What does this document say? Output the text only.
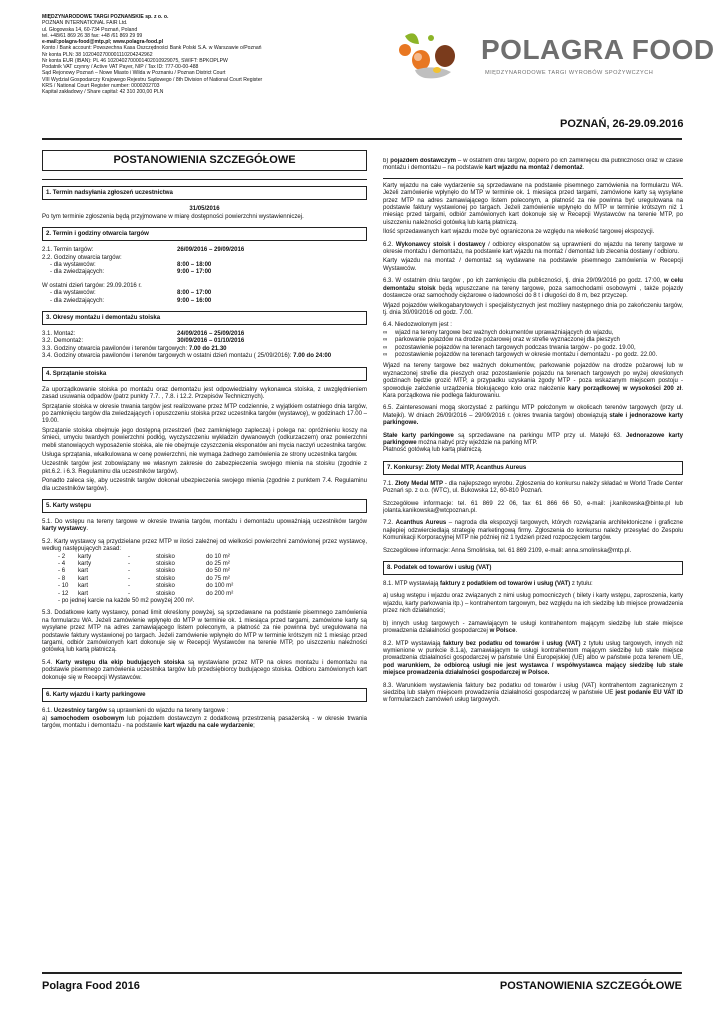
MIĘDZYNARODOWE TARGI POZNAŃSKIE sp. z o. o.
POZNAN INTERNATIONAL FAIR Ltd.
ul. Głogowska 14, 60-734 Poznań, Poland
tel. +48/61 869 26 38 fax: +48 /61 869 29 99
e-mail:polagra-food@mtp.pl; www.polagra-food.pl
Konto / Bank account: Powszechna Kasa Oszczędności Bank Polski S.A. w Warszawie o/Poznań
Nr konta PLN: 38 1020402700001110204242962
Nr konta EUR (IBAN): PL 46 1020402700001402010929075, SWIFT: BPKOPLPW
Podatnik VAT czynny / Active VAT Payer, NIP / Tax ID: 777-00-00-488
Sąd Rejonowy Poznań – Nowe Miasto i Wilda w Poznaniu / Poznan District Court
VIII Wydział Gospodarczy Krajowego Rejestru Sądowego / 8th Division of National Court Register
KRS / National Court Register number: 0000202703
Kapitał zakładowy / Share capital: 42 310 200,00 PLN
POLAGRA FOOD
MIĘDZYNARODOWE TARGI WYROBÓW SPOŻYWCZYCH
POZNAŃ, 26-29.09.2016
POSTANOWIENIA SZCZEGÓŁOWE
1. Termin nadsyłania zgłoszeń uczestnictwa
31/05/2016

Po tym terminie zgłoszenia będą przyjmowane w miarę dostępności powierzchni wystawienniczej.

2. Termin i godziny otwarcia targów
2.1. Termin targów:	26/09/2016 – 29/09/2016
2.2. Godziny otwarcia targów:
- dla wystawców:	8:00 – 18:00
- dla zwiedzających:	9:00 – 17:00
W ostatni dzień targów: 29.09.2016 r.
- dla wystawców:	8:00 – 17:00
- dla zwiedzających:	9:00 – 16:00
3. Okresy montażu i demontażu stoiska
3.1. Montaż:	24/09/2016 – 25/09/2016
3.2. Demontaż:	30/09/2016 – 01/10/2016
3.3. Godziny otwarcia pawilonów i terenów targowych: 7.00 do 21.30
3.4. Godziny otwarcia pawilonów i terenów targowych w ostatni dzień montażu ( 25/09/2016): 7.00 do 24:00
4. Sprzątanie stoiska

Za uporządkowanie stoiska po montażu oraz demontażu jest odpowiedzialny wykonawca stoiska, z uwzględnieniem zasad usuwania odpadów (patrz punkty 7.7. , 7.8. i 12.2. Przepisów Technicznych).

Sprzątanie stoiska w okresie trwania targów jest realizowane przez MTP codziennie, z wyjątkiem ostatniego dnia targów, po zamknięciu targów dla zwiedzających i opuszczeniu stoiska przez uczestnika targów (wystawcę), w godzinach 17.00 – 19.00.

Sprzątanie stoiska obejmuje jego dostępną przestrzeń (bez zamkniętego zaplecza) i polega na: opróżnieniu koszy na śmieci, umyciu twardych powierzchni podłóg, wyczyszczeniu wykładzin dywanowych (odkurzaczem) oraz powierzchni mebli stanowiących wyposażenie stoiska, ale nie obejmuje czyszczenia eksponatów ani mycia naczyń uczestnika targów.

Usługa sprzątania, wkalkulowana w cenę powierzchni, nie wymaga żadnego zamówienia ze strony uczestnika targów.

Uczestnik targów jest zobowiązany we własnym zakresie do zabezpieczenia swojego mienia na stoisku (zgodnie z pkt.6.2. i 6.3. Regulaminu dla uczestników targów).

Ponadto zaleca się, aby uczestnik targów dokonał ubezpieczenia swojego mienia (zgodnie z punktem 7.4. Regulaminu dla uczestników targów).

5. Karty wstępu

5.1. Do wstępu na tereny targowe w okresie trwania targów, montażu i demontażu upoważniają uczestników targów karty wystawcy.

5.2. Karty wystawcy są przydzielane przez MTP w ilości zależnej od wielkości powierzchni zamówionej przez wystawcę, według następujących zasad:

- 2	karty	-	stoisko	do 10 m²
- 4	karty	-	stoisko	do 25 m²
- 6	kart	-	stoisko	do 50 m²
- 8	kart	-	stoisko	do 75 m²
- 10	kart	-	stoisko	do 100 m²
- 12	kart	-	stoisko	do 200 m²
- po jednej karcie na każde 50 m2 powyżej 200 m².

5.3. Dodatkowe karty wystawcy, ponad limit określony powyżej, są sprzedawane na podstawie pisemnego zamówienia na formularzu WA. Jeżeli zamówienie wpłynęło do MTP w terminie ok. 1 miesiąca przed targami, zamówione karty są wysyłane przez MTP na adres zamawiającego listem poleconym, a płatność za nie powinna być uregulowana na podstawie faktury wystawionej po targach. Jeżeli zamówienie wpłynęło do MTP w terminie krótszym niż 1 miesiąc przed targami, odbiór zamówionych kart dokonuje się w Recepcji Wystawców na terenie MTP, po uiszczeniu należności gotówką lub kartą płatniczą.

5.4. Karty wstępu dla ekip budujących stoiska są wystawiane przez MTP na okres montażu i demontażu na podstawie pisemnego zamówienia uczestnika targów lub przedsiębiorcy budującego stoiska. Odbioru zamówionych kart dokonuje się w Recepcji Wystawców.

6. Karty wjazdu i karty parkingowe

6.1. Uczestnicy targów są uprawnieni do wjazdu na tereny targowe :

a) samochodem osobowym lub pojazdem dostawczym z dodatkową przestrzenią pasażerską - w okresie trwania targów, montażu i demontażu - na podstawie kart wjazdu na cale wydarzenie;

b) pojazdem dostawczym – w ostatnim dniu targów, dopiero po ich zamknięciu dla publiczności oraz w czasie montażu i demontażu – na podstawie kart wjazdu na montaż / demontaż.

Karty wjazdu na całe wydarzenie są sprzedawane na podstawie pisemnego zamówienia na formularzu WA. Jeżeli zamówienie wpłynęło do MTP w terminie ok. 1 miesiąca przed targami, zamówione karty są wysyłane przez MTP na adres zamawiającego listem poleconym, a płatność za nie powinna być uregulowana na podstawie faktury wystawionej po targach. Jeżeli zamówienie wpłynęło do MTP w terminie krótszym niż 1 miesiąc przed targami, odbiór zamówionych kart dokonuje się w Recepcji Wystawców na terenie MTP, po uiszczeniu należności gotówką lub kartą płatniczą.

Ilość sprzedawanych kart wjazdu może być ograniczona ze względu na wielkość targowej ekspozycji.

6.2. Wykonawcy stoisk i dostawcy / odbiorcy eksponatów są uprawnieni do wjazdu na tereny targowe w okresie montażu i demontażu, na podstawie kart wjazdu na montaż / demontaż lub zlecenia dostawy / odbioru.

Karty wjazdu na montaż / demontaż są wydawane na podstawie pisemnego zamówienia w Recepcji Wystawców.

6.3. W ostatnim dniu targów , po ich zamknięciu dla publiczności, tj. dnia 29/09/2016 po godz. 17:00, w celu demontażu stoisk będą wpuszczane na tereny targowe, poza samochodami osobowymi , także pojazdy dostawcze oraz samochody ciężarowe o ładowności do 8 t i długości do 8 m, bez przyczep.

Wjazd pojazdów wielkogabarytowych i specjalistycznych jest możliwy następnego dnia po zakończeniu targów, tj. dnia 30/09/2016 od godz. 7.00.

6.4. Niedozwolonym jest :
∞	wjazd na tereny targowe bez ważnych dokumentów upraważniających do wjazdu,
∞	parkowanie pojazdów na drodze pożarowej oraz w strefie wyznaczonej dla pieszych
∞	pozostawienie pojazdów na terenach targowych podczas trwania targów - po godz. 19.00,
∞	pozostawienie pojazdów na terenach targowych w okresie montażu i demontażu - po godz. 22.00.

Wjazd na tereny targowe bez ważnych dokumentów, parkowanie pojazdów na drodze pożarowej lub w wyznaczonej strefie dla pieszych oraz pozostawienie pojazdu na terenach targowych po wyżej określonych godzinach będzie grozić MTP, a przypadku uzyskania zgody MTP - poza wskazanym miejscem postoju - spowoduje założenie urządzenia blokującego koło oraz nałożenie kary porządkowej w wysokości 200 zł. Kara porządkowa nie podlega fakturowaniu.

6.5. Zainteresowani mogą skorzystać z parkingu MTP położonym w okolicach terenów targowych (przy ul. Matejki). W dniach 26/09/2016 – 29/09/2016 r. (okres trwania targów) obowiązują stałe i jednorazowe karty parkingowe.

Stałe karty parkingowe są sprzedawane na parkingu MTP przy ul. Matejki 63. Jednorazowe karty parkingowe można nabyć przy wjeździe na parking MTP.

Płatność gotówką lub kartą płatniczą.

7. Konkursy: Złoty Medal MTP, Acanthus Aureus

7.1. Złoty Medal MTP - dla najlepszego wyrobu. Zgłoszenia do konkursu należy składać w World Trade Center Poznań sp. z o.o. (WTC), ul. Bukowska 12, 60-810 Poznań.

Szczegółowe informacje: tel. 61 869 22 06, fax 61 866 66 50, e-mail: j.kanikowska@binte.pl lub jolanta.kanikowska@wtcpoznan.pl.

7.2. Acanthus Aureus – nagroda dla ekspozycji targowych, których rozwiązania architektoniczne i graficzne najlepiej odzwierciedlają strategię marketingową firmy. Zgłoszenia do konkursu należy przesyłać do Zespołu Komunikacji Korporacyjnej MTP nie później niż 1 tydzień przed rozpoczęciem targów.

Szczegółowe informacje: Anna Smolińska, tel. 61 869 2109, e-mail: anna.smolinska@mtp.pl.

8. Podatek od towarów i usług (VAT)

8.1. MTP wystawiają faktury z podatkiem od towarów i usług (VAT) z tytułu:

a) usług wstępu i wjazdu oraz związanych z nimi usług pomocniczych ( bilety i karty wstępu, zaproszenia, karty wjazdu, karty parkowania itp.) – kontrahentom targowym, bez względu na ich siedzibę lub miejsce prowadzenia przez nich działalności;

b) innych usług targowych - zamawiającym te usługi kontrahentom mającym siedzibę lub stałe miejsce prowadzenia działalności gospodarczej w Polsce.

8.2. MTP wystawiają faktury bez podatku od towarów i usług (VAT) z tytułu usług targowych, innych niż wymienione w punkcie 8.1.a), zamawiającym te usługi kontrahentom mającym siedzibę lub stałe miejsce prowadzenia działalności gospodarczej w państwie Unii Europejskiej (UE) albo w państwie poza terenem UE, pod warunkiem, że odbiorcą usługi nie jest wystawca / współwystawca mający siedzibę lub stałe miejsce prowadzenia działalności gospodarczej w Polsce.

8.3. Warunkiem wystawienia faktury bez podatku od towarów i usług (VAT) kontrahentom zagranicznym z siedzibą lub stałym miejscem prowadzenia działalności gospodarczej w państwie UE jest podanie EU VAT ID w formularzach zamówień usług targowych.

Polagra Food 2016	POSTANOWIENIA SZCZEGÓŁOWE
